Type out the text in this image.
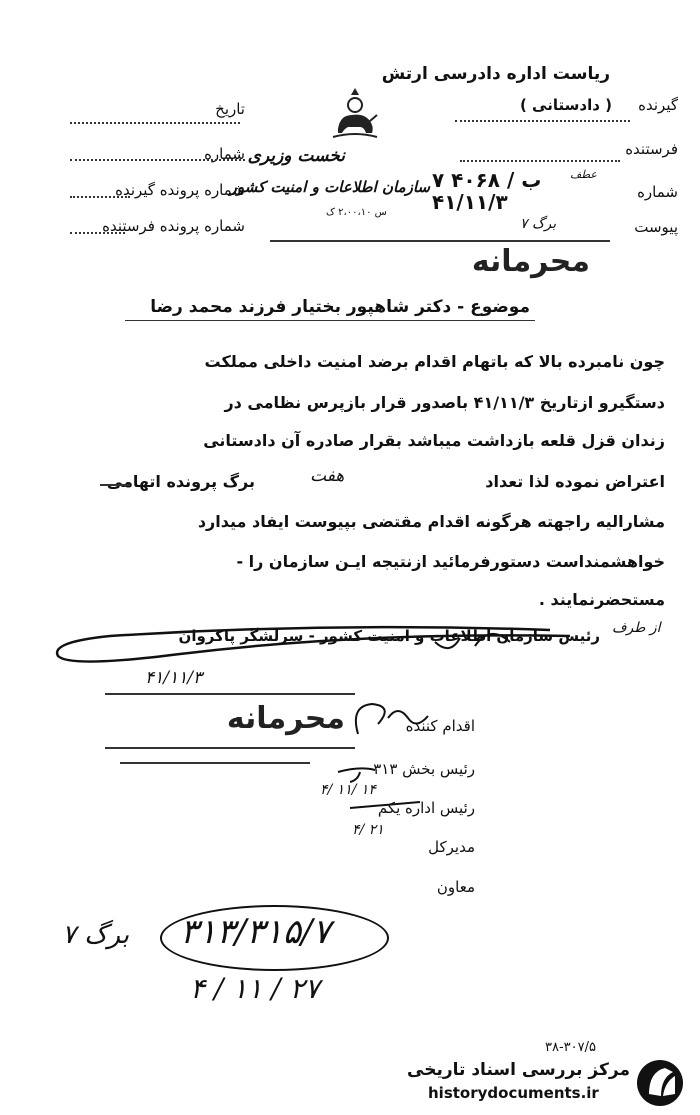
ریاست اداره دادرسی ارتش
گیرنده
( دادستانی )
فرستنده
شماره
عطف
۷ ب / ۴۰۶۸
۴۱/۱۱/۳
پیوست
۷ برگ
نخست وزیری
سازمان اطلاعات و امنیت کشور
س ۲،۰۰،۱۰ ک
تاریخ
شماره
شماره پرونده گیرنده
شماره پرونده فرستنده
محرمانه
موضوع - دکتر شاهپور بختیار فرزند محمد رضا
چون نامبرده بالا که باتهام اقدام برضد امنیت داخلی مملکت
دستگیرو ازتاریخ ۴۱/۱۱/۳ باصدور قرار بازپرس نظامی در
زندان قزل قلعه بازداشت میباشد بقرار صادره آن دادستانی
اعتراض نموده لذا تعداد
هفت
برگ پرونده اتهامی
مشارالیه راجهته هرگونه اقدام مقتضی بپیوست ایفاد میدارد
خواهشمنداست دستورفرمائید ازنتیجه ایـن سازمان را -
مستحضرنمایند .
از طرف
رئیس سازمان اطلاعات و امنیت کشور - سرلشگر پاکروان
۴۱/۱۱/۳
محرمانه	اقدام کننده
رئیس بخش ۳۱۳
رئیس اداره یکم
مدیرکل
معاون
۴/ ۱۱/ ۱۴
۴/ ۲۱
۳۱۳/۳۱۵/۷
۷ برگ
۴ / ۱۱ / ۲۷
۳۸-۳۰۷/۵
مرکز بررسی اسناد تاریخی
historydocuments.ir
